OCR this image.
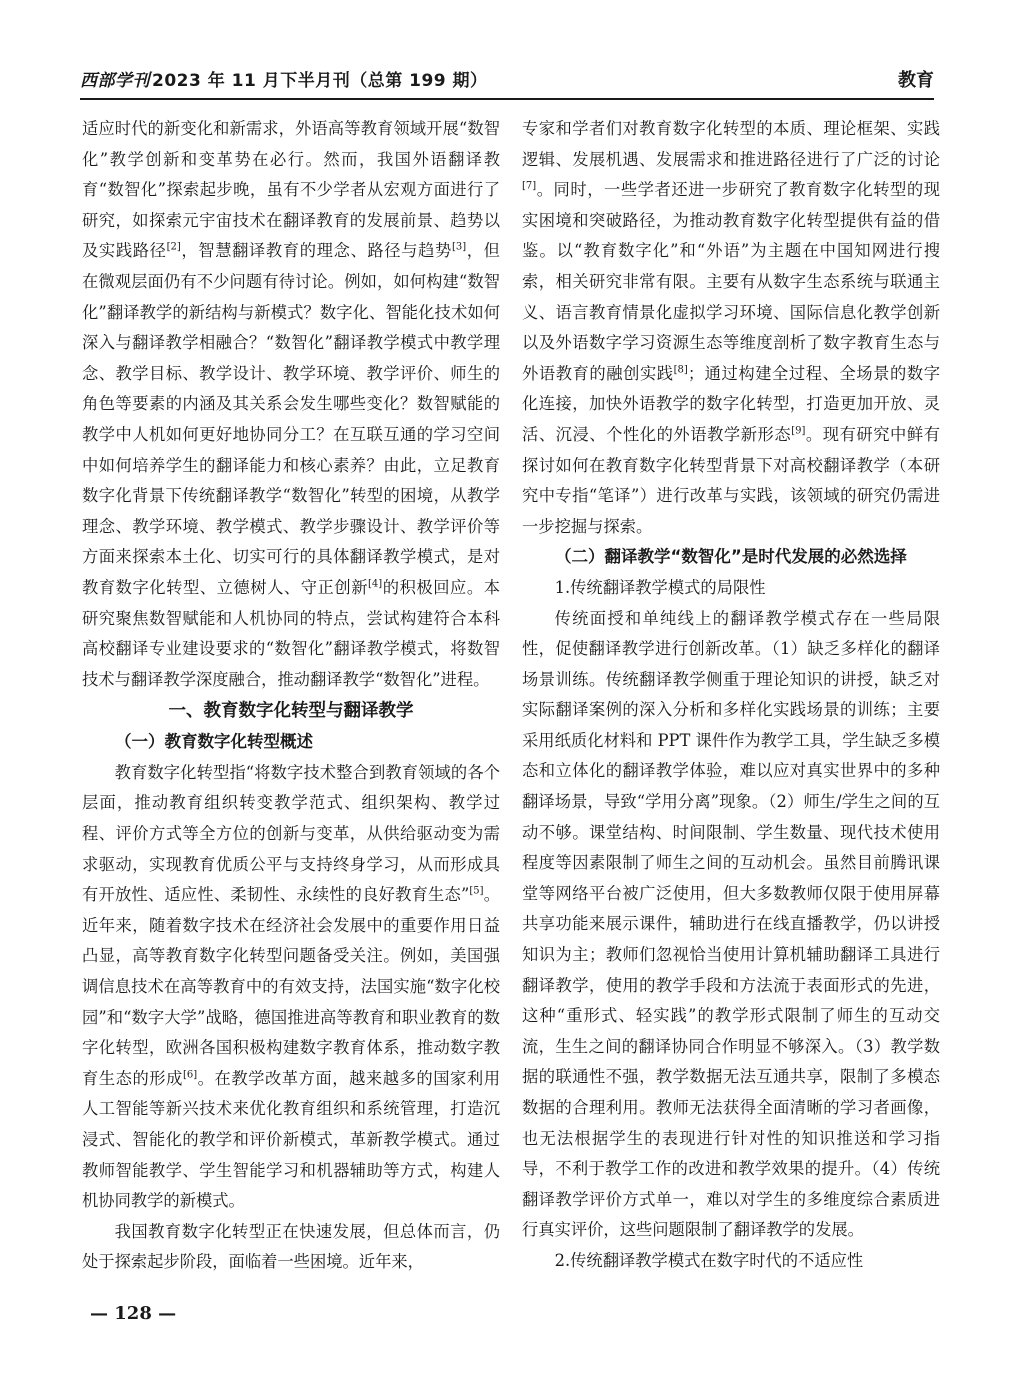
西部学刊 2023 年 11 月下半月刊（总第 199 期）	教育

适应时代的新变化和新需求，外语高等教育领域开展“数智化”教学创新和变革势在必行。然而，我国外语翻译教育“数智化”探索起步晚，虽有不少学者从宏观方面进行了研究，如探索元宇宙技术在翻译教育的发展前景、趋势以及实践路径[2]，智慧翻译教育的理念、路径与趋势[3]，但在微观层面仍有不少问题有待讨论。例如，如何构建“数智化”翻译教学的新结构与新模式？数字化、智能化技术如何深入与翻译教学相融合？“数智化”翻译教学模式中教学理念、教学目标、教学设计、教学环境、教学评价、师生的角色等要素的内涵及其关系会发生哪些变化？数智赋能的教学中人机如何更好地协同分工？在互联互通的学习空间中如何培养学生的翻译能力和核心素养？由此，立足教育数字化背景下传统翻译教学“数智化”转型的困境，从教学理念、教学环境、教学模式、教学步骤设计、教学评价等方面来探索本土化、切实可行的具体翻译教学模式，是对教育数字化转型、立德树人、守正创新[4]的积极回应。本研究聚焦数智赋能和人机协同的特点，尝试构建符合本科高校翻译专业建设要求的“数智化”翻译教学模式，将数智技术与翻译教学深度融合，推动翻译教学“数智化”进程。

一、教育数字化转型与翻译教学
（一）教育数字化转型概述

教育数字化转型指“将数字技术整合到教育领域的各个层面，推动教育组织转变教学范式、组织架构、教学过程、评价方式等全方位的创新与变革，从供给驱动变为需求驱动，实现教育优质公平与支持终身学习，从而形成具有开放性、适应性、柔韧性、永续性的良好教育生态”[5]。近年来，随着数字技术在经济社会发展中的重要作用日益凸显，高等教育数字化转型问题备受关注。例如，美国强调信息技术在高等教育中的有效支持，法国实施“数字化校园”和“数字大学”战略，德国推进高等教育和职业教育的数字化转型，欧洲各国积极构建数字教育体系，推动数字教育生态的形成[6]。在教学改革方面，越来越多的国家利用人工智能等新兴技术来优化教育组织和系统管理，打造沉浸式、智能化的教学和评价新模式，革新教学模式。通过教师智能教学、学生智能学习和机器辅助等方式，构建人机协同教学的新模式。

我国教育数字化转型正在快速发展，但总体而言，仍处于探索起步阶段，面临着一些困境。近年来，

专家和学者们对教育数字化转型的本质、理论框架、实践逻辑、发展机遇、发展需求和推进路径进行了广泛的讨论[7]。同时，一些学者还进一步研究了教育数字化转型的现实困境和突破路径，为推动教育数字化转型提供有益的借鉴。以“教育数字化”和“外语”为主题在中国知网进行搜索，相关研究非常有限。主要有从数字生态系统与联通主义、语言教育情景化虚拟学习环境、国际信息化教学创新以及外语数字学习资源生态等维度剖析了数字教育生态与外语教育的融创实践[8]；通过构建全过程、全场景的数字化连接，加快外语教学的数字化转型，打造更加开放、灵活、沉浸、个性化的外语教学新形态[9]。现有研究中鲜有探讨如何在教育数字化转型背景下对高校翻译教学（本研究中专指“笔译”）进行改革与实践，该领域的研究仍需进一步挖掘与探索。

（二）翻译教学“数智化”是时代发展的必然选择
1.传统翻译教学模式的局限性

传统面授和单纯线上的翻译教学模式存在一些局限性，促使翻译教学进行创新改革。（1）缺乏多样化的翻译场景训练。传统翻译教学侧重于理论知识的讲授，缺乏对实际翻译案例的深入分析和多样化实践场景的训练；主要采用纸质化材料和 PPT 课件作为教学工具，学生缺乏多模态和立体化的翻译教学体验，难以应对真实世界中的多种翻译场景，导致“学用分离”现象。（2）师生/学生之间的互动不够。课堂结构、时间限制、学生数量、现代技术使用程度等因素限制了师生之间的互动机会。虽然目前腾讯课堂等网络平台被广泛使用，但大多数教师仅限于使用屏幕共享功能来展示课件，辅助进行在线直播教学，仍以讲授知识为主；教师们忽视恰当使用计算机辅助翻译工具进行翻译教学，使用的教学手段和方法流于表面形式的先进，这种“重形式、轻实践”的教学形式限制了师生的互动交流，生生之间的翻译协同合作明显不够深入。（3）教学数据的联通性不强，教学数据无法互通共享，限制了多模态数据的合理利用。教师无法获得全面清晰的学习者画像，也无法根据学生的表现进行针对性的知识推送和学习指导，不利于教学工作的改进和教学效果的提升。（4）传统翻译教学评价方式单一，难以对学生的多维度综合素质进行真实评价，这些问题限制了翻译教学的发展。

2.传统翻译教学模式在数字时代的不适应性
— 128 —
